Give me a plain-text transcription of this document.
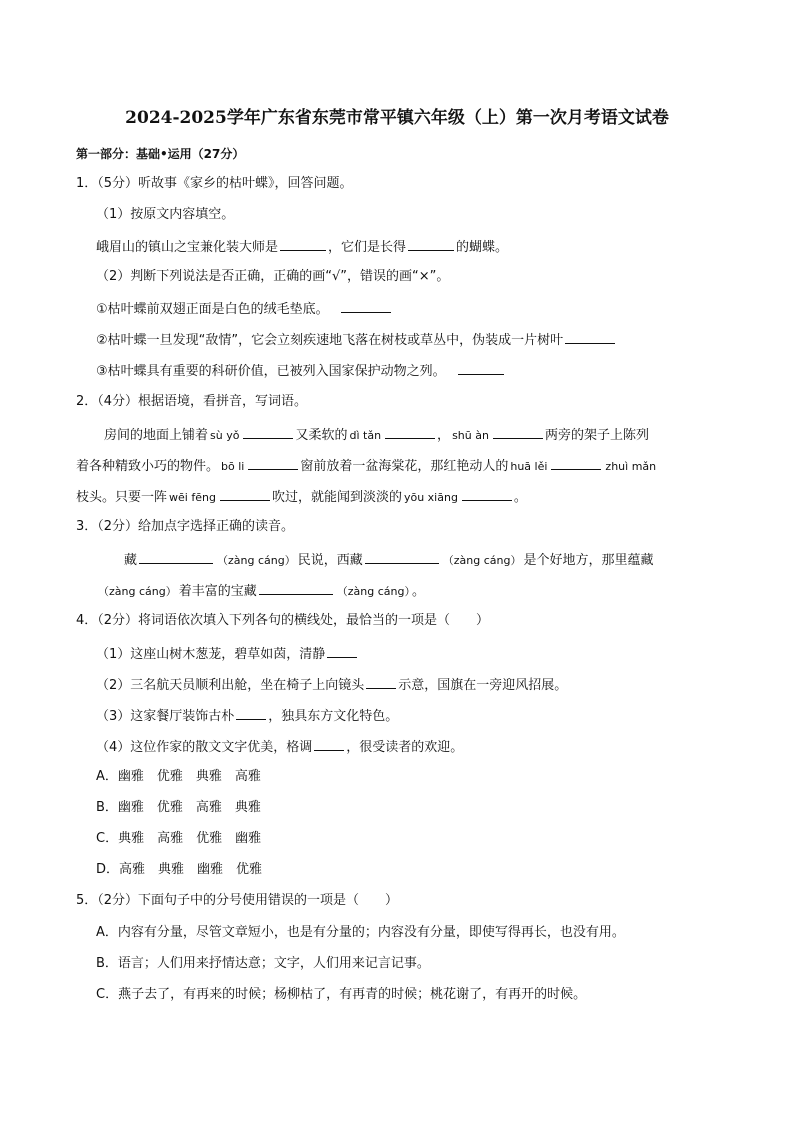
2024-2025学年广东省东莞市常平镇六年级（上）第一次月考语文试卷
第一部分：基础•运用（27分）
1．（5分）听故事《家乡的枯叶蝶》，回答问题。
（1）按原文内容填空。
峨眉山的镇山之宝兼化装大师是	，它们是长得	的蝴蝶。
（2）判断下列说法是否正确，正确的画“√”，错误的画“×”。
①枯叶蝶前双翅正面是白色的绒毛垫底。
②枯叶蝶一旦发现“敌情”，它会立刻疾速地飞落在树枝或草丛中，伪装成一片树叶
③枯叶蝶具有重要的科研价值，已被列入国家保护动物之列。
2．（4分）根据语境，看拼音，写词语。
房间的地面上铺着 sù yǒ	又柔软的 dì tǎn	， shū àn	两旁的架子上陈列
着各种精致小巧的物件。 bō li	窗前放着一盆海棠花，那红艳动人的 huā lěi	zhuì mǎn
枝头。只要一阵 wēi fēng	吹过，就能闻到淡淡的 yōu xiāng	。
3．（2分）给加点字选择正确的读音。
藏	（zàng cáng） 民说，西藏	（zàng cáng） 是个好地方，那里蕴藏
（zàng cáng） 着丰富的宝藏	（zàng cáng） 。
4．（2分）将词语依次填入下列各句的横线处，最恰当的一项是（　　）
（1）这座山树木葱茏，碧草如茵，清静
（2）三名航天员顺利出舱，坐在椅子上向镜头	示意，国旗在一旁迎风招展。
（3）这家餐厅装饰古朴	，独具东方文化特色。
（4）这位作家的散文文字优美，格调	，很受读者的欢迎。
A．幽雅　优雅　典雅　高雅
B．幽雅　优雅　高雅　典雅
C．典雅　高雅　优雅　幽雅
D．高雅　典雅　幽雅　优雅
5．（2分）下面句子中的分号使用错误的一项是（　　）
A．内容有分量，尽管文章短小，也是有分量的；内容没有分量，即使写得再长，也没有用。
B．语言；人们用来抒情达意；文字，人们用来记言记事。
C．燕子去了，有再来的时候；杨柳枯了，有再青的时候；桃花谢了，有再开的时候。
